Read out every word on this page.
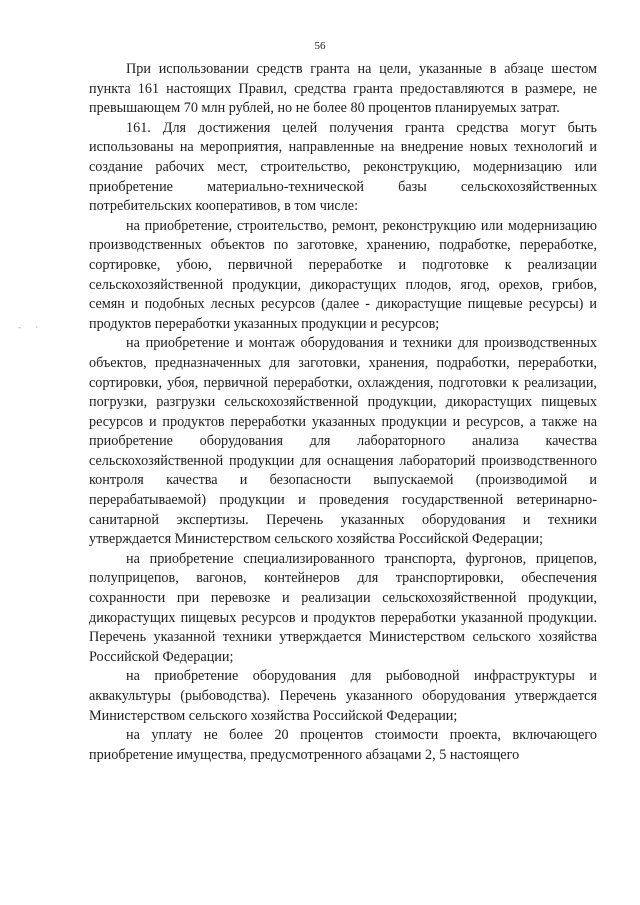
56
- ·

При использовании средств гранта на цели, указанные в абзаце шестом пункта 161 настоящих Правил, средства гранта предоставляются в размере, не превышающем 70 млн рублей, но не более 80 процентов планируемых затрат.

161. Для достижения целей получения гранта средства могут быть использованы на мероприятия, направленные на внедрение новых технологий и создание рабочих мест, строительство, реконструкцию, модернизацию или приобретение материально-технической базы сельскохозяйственных потребительских кооперативов, в том числе:

на приобретение, строительство, ремонт, реконструкцию или модернизацию производственных объектов по заготовке, хранению, подработке, переработке, сортировке, убою, первичной переработке и подготовке к реализации сельскохозяйственной продукции, дикорастущих плодов, ягод, орехов, грибов, семян и подобных лесных ресурсов (далее - дикорастущие пищевые ресурсы) и продуктов переработки указанных продукции и ресурсов;

на приобретение и монтаж оборудования и техники для производственных объектов, предназначенных для заготовки, хранения, подработки, переработки, сортировки, убоя, первичной переработки, охлаждения, подготовки к реализации, погрузки, разгрузки сельскохозяйственной продукции, дикорастущих пищевых ресурсов и продуктов переработки указанных продукции и ресурсов, а также на приобретение оборудования для лабораторного анализа качества сельскохозяйственной продукции для оснащения лабораторий производственного контроля качества и безопасности выпускаемой (производимой и перерабатываемой) продукции и проведения государственной ветеринарно-санитарной экспертизы. Перечень указанных оборудования и техники утверждается Министерством сельского хозяйства Российской Федерации;

на приобретение специализированного транспорта, фургонов, прицепов, полуприцепов, вагонов, контейнеров для транспортировки, обеспечения сохранности при перевозке и реализации сельскохозяйственной продукции, дикорастущих пищевых ресурсов и продуктов переработки указанной продукции. Перечень указанной техники утверждается Министерством сельского хозяйства Российской Федерации;

на приобретение оборудования для рыбоводной инфраструктуры и аквакультуры (рыбоводства). Перечень указанного оборудования утверждается Министерством сельского хозяйства Российской Федерации;

на уплату не более 20 процентов стоимости проекта, включающего приобретение имущества, предусмотренного абзацами 2, 5 настоящего
